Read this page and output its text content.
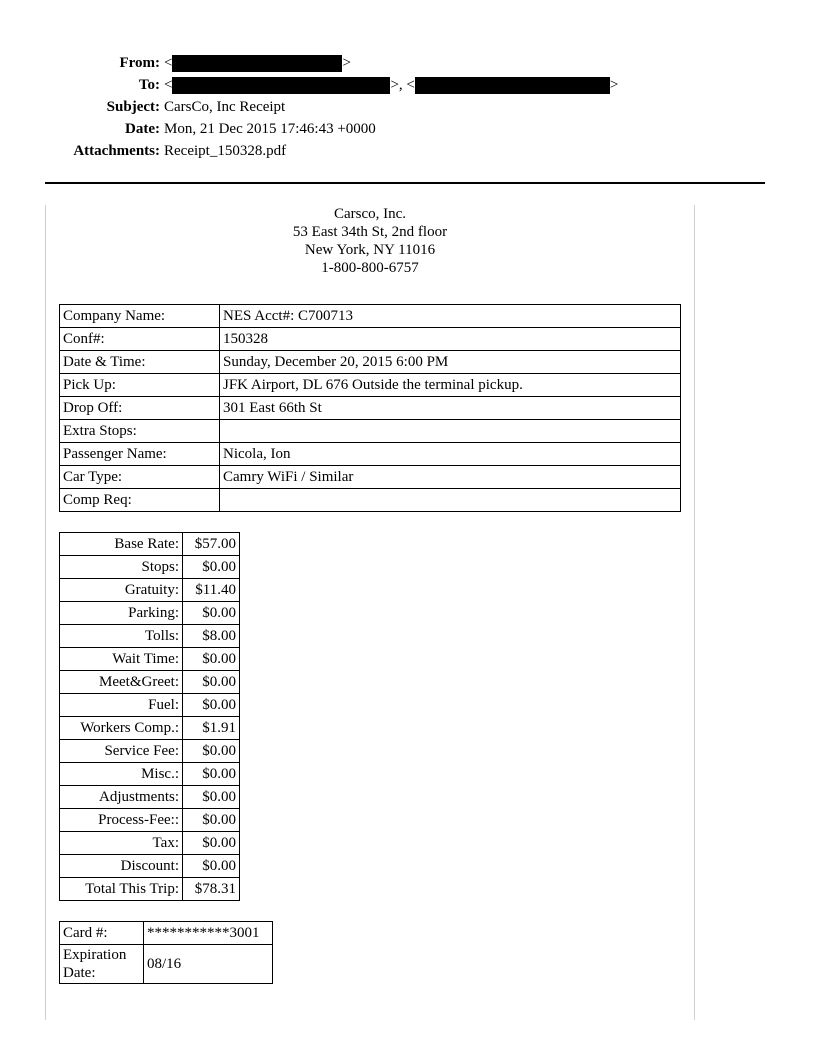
From: <	>
To: <	>, <	>
Subject: CarsCo, Inc Receipt
Date: Mon, 21 Dec 2015 17:46:43 +0000
Attachments: Receipt_150328.pdf
Carsco, Inc.
53 East 34th St, 2nd floor
New York, NY 11016
1-800-800-6757
Company Name:	NES Acct#: C700713
Conf#:	150328
Date & Time:	Sunday, December 20, 2015 6:00 PM
Pick Up:	JFK Airport, DL 676 Outside the terminal pickup.
Drop Off:	301 East 66th St
Extra Stops:	
Passenger Name:	Nicola, Ion
Car Type:	Camry WiFi / Similar
Comp Req:	
Base Rate:	$57.00
Stops:	$0.00
Gratuity:	$11.40
Parking:	$0.00
Tolls:	$8.00
Wait Time:	$0.00
Meet&Greet:	$0.00
Fuel:	$0.00
Workers Comp.:	$1.91
Service Fee:	$0.00
Misc.:	$0.00
Adjustments:	$0.00
Process-Fee::	$0.00
Tax:	$0.00
Discount:	$0.00
Total This Trip:	$78.31
Card #:	***********3001
Expiration Date:	08/16
